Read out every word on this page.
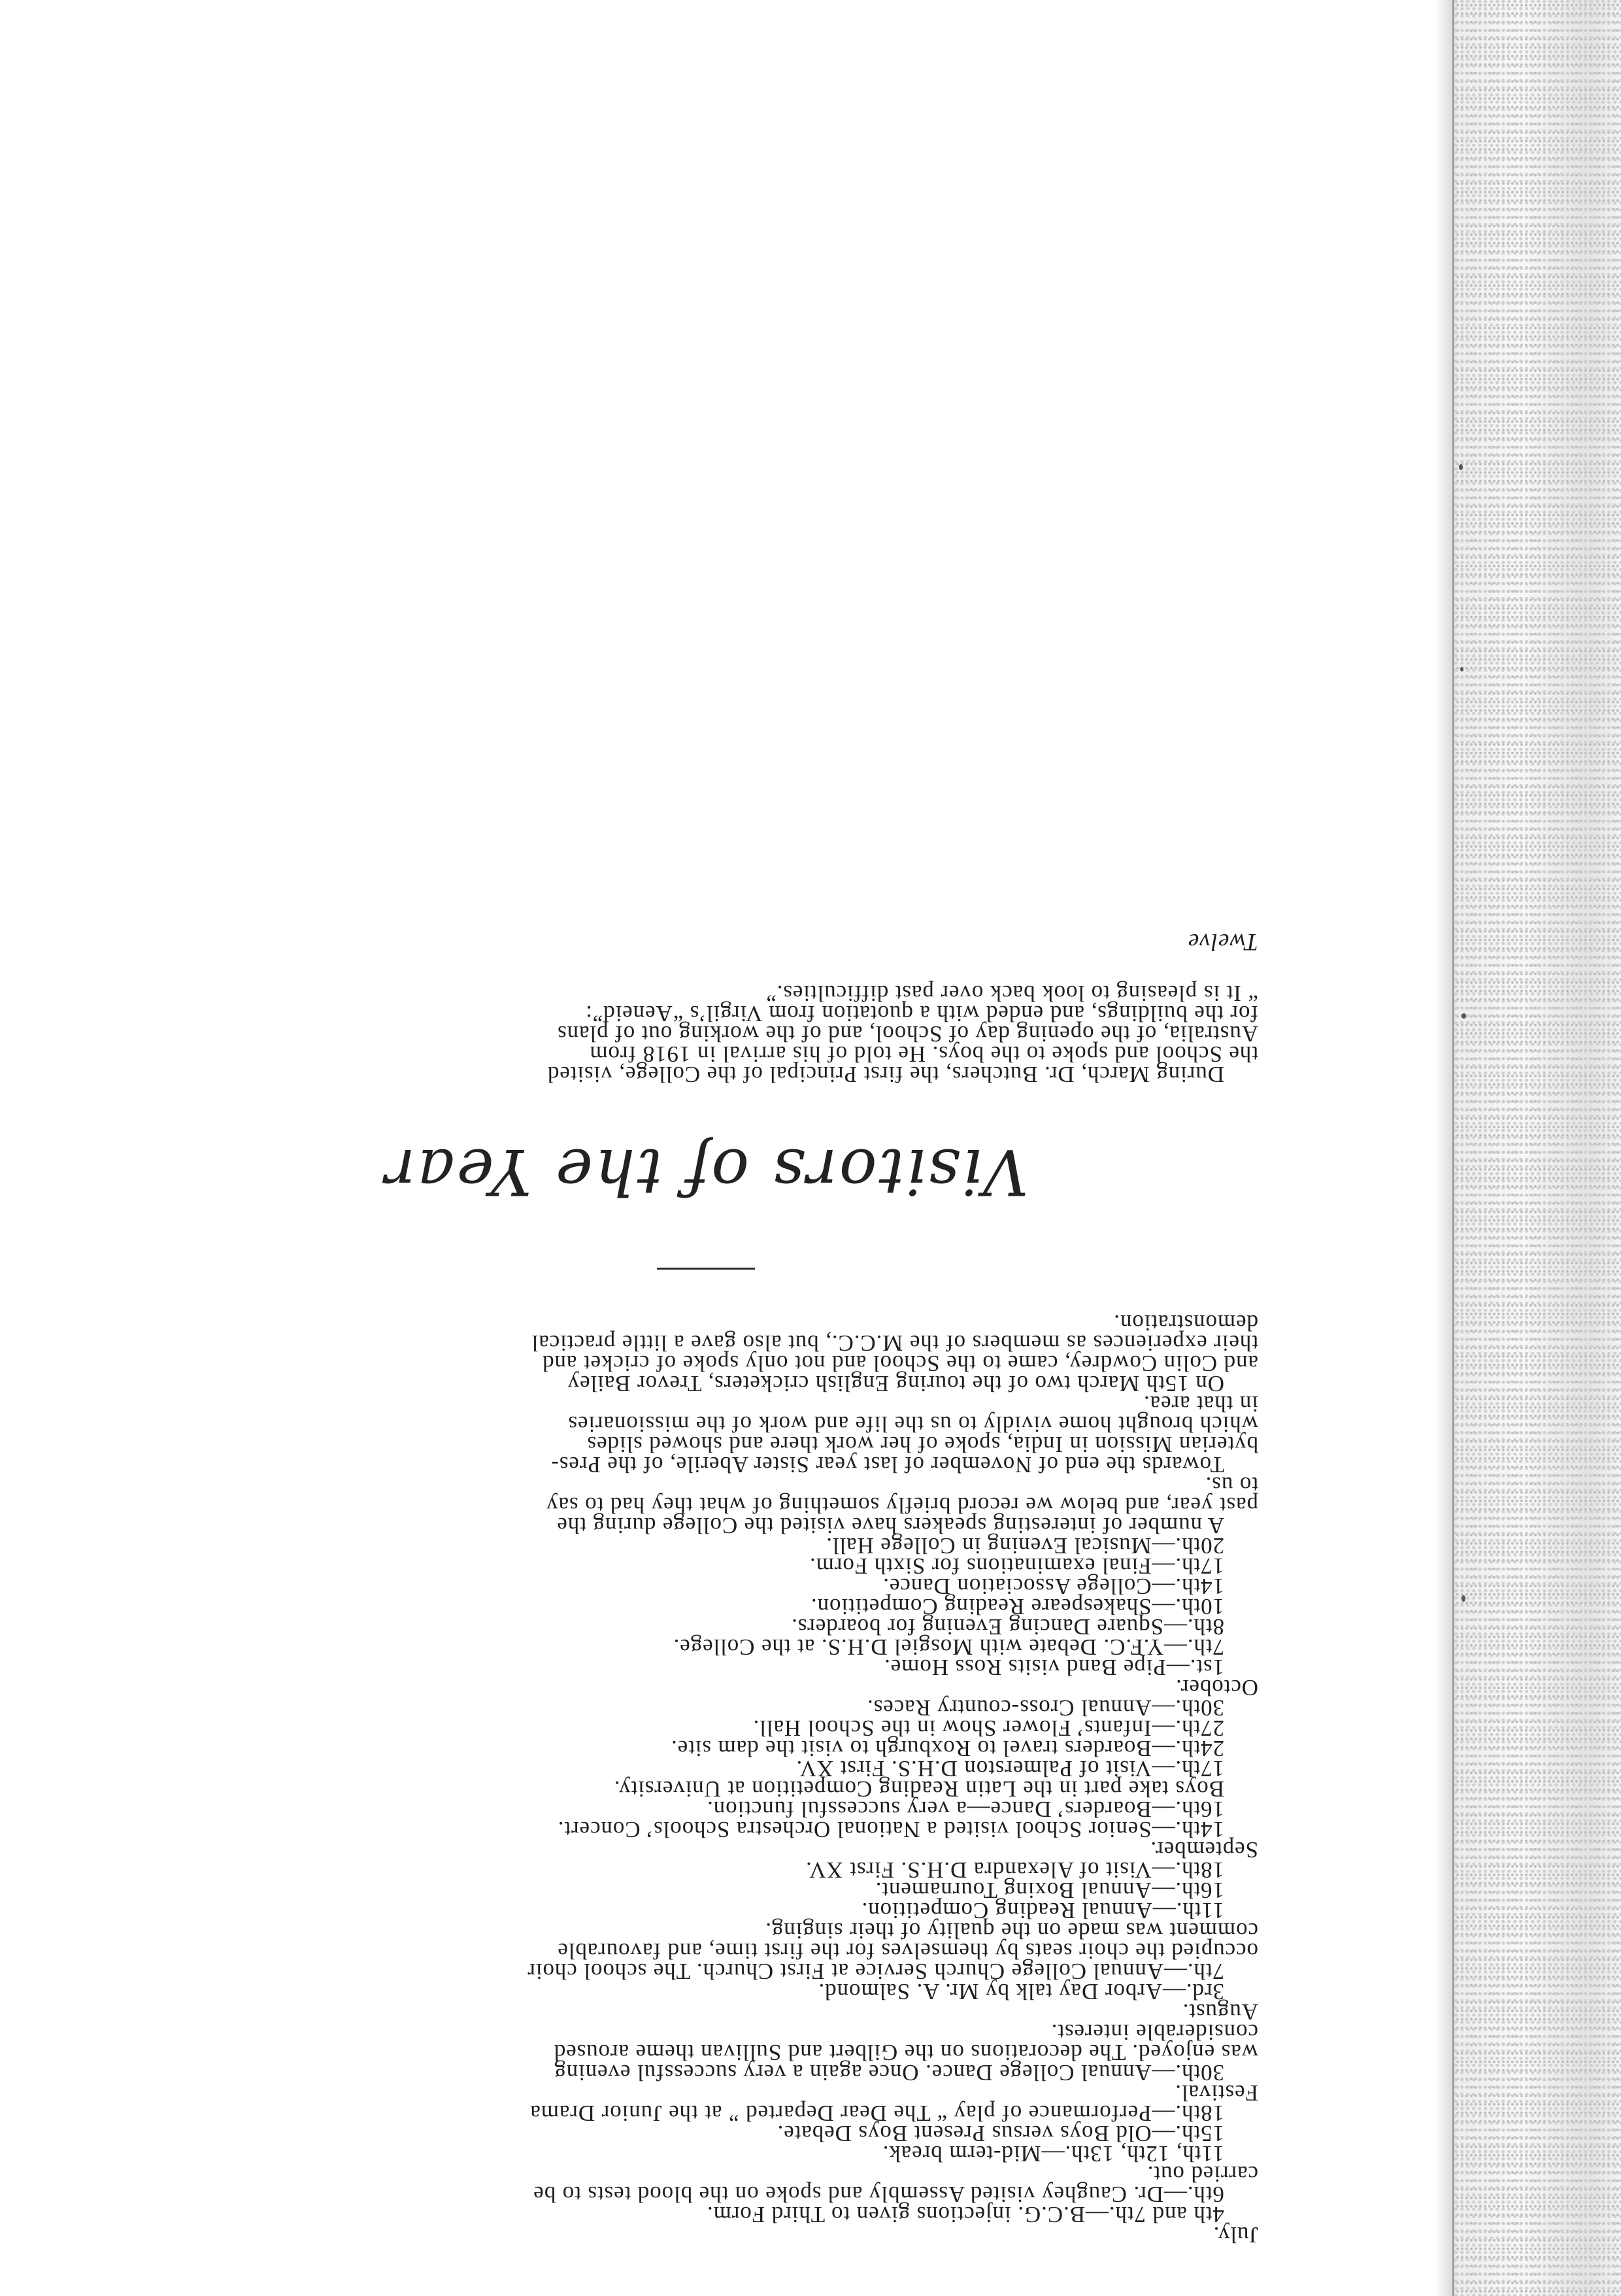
July.

4th and 7th.—B.C.G. injections given to Third Form.

6th.—Dr. Caughey visited Assembly and spoke on the blood tests to be

carried out.

11th, 12th, 13th.—Mid-term break.

15th.—Old Boys versus Present Boys Debate.

18th.—Performance of play “ The Dear Departed ” at the Junior Drama

Festival.

30th.—Annual College Dance. Once again a very successful evening

was enjoyed. The decorations on the Gilbert and Sullivan theme aroused

considerable interest.

August.

3rd.—Arbor Day talk by Mr. A. Salmond.

7th.—Annual College Church Service at First Church. The school choir

occupied the choir seats by themselves for the first time, and favourable

comment was made on the quality of their singing.

11th.—Annual Reading Competition.

16th.—Annual Boxing Tournament.

18th.—Visit of Alexandra D.H.S. First XV.

September.

14th.—Senior School visited a National Orchestra Schools’ Concert.

16th.—Boarders’ Dance—a very successful function.

Boys take part in the Latin Reading Competition at University.

17th.—Visit of Palmerston D.H.S. First XV.

24th.—Boarders travel to Roxburgh to visit the dam site.

27th.—Infants’ Flower Show in the School Hall.

30th.—Annual Cross-country Races.

October.

1st.—Pipe Band visits Ross Home.

7th.—Y.F.C. Debate with Mosgiel D.H.S. at the College.

8th.—Square Dancing Evening for boarders.

10th.—Shakespeare Reading Competition.

14th.—College Association Dance.

17th.—Final examinations for Sixth Form.

20th.—Musical Evening in College Hall.

A number of interesting speakers have visited the College during the

past year, and below we record briefly something of what they had to say

to us.

Towards the end of November of last year Sister Aberile, of the Pres-

byterian Mission in India, spoke of her work there and showed slides

which brought home vividly to us the life and work of the missionaries

in that area.

On 15th March two of the touring English cricketers, Trevor Bailey

and Colin Cowdrey, came to the School and not only spoke of cricket and

their experiences as members of the M.C.C., but also gave a little practical

demonstration.

Visitors of the Year

During March, Dr. Butchers, the first Principal of the College, visited

the School and spoke to the boys. He told of his arrival in 1918 from

Australia, of the opening day of School, and of the working out of plans

for the buildings, and ended with a quotation from Virgil’s “Aeneid”:

“ It is pleasing to look back over past difficulties.”

Twelve
